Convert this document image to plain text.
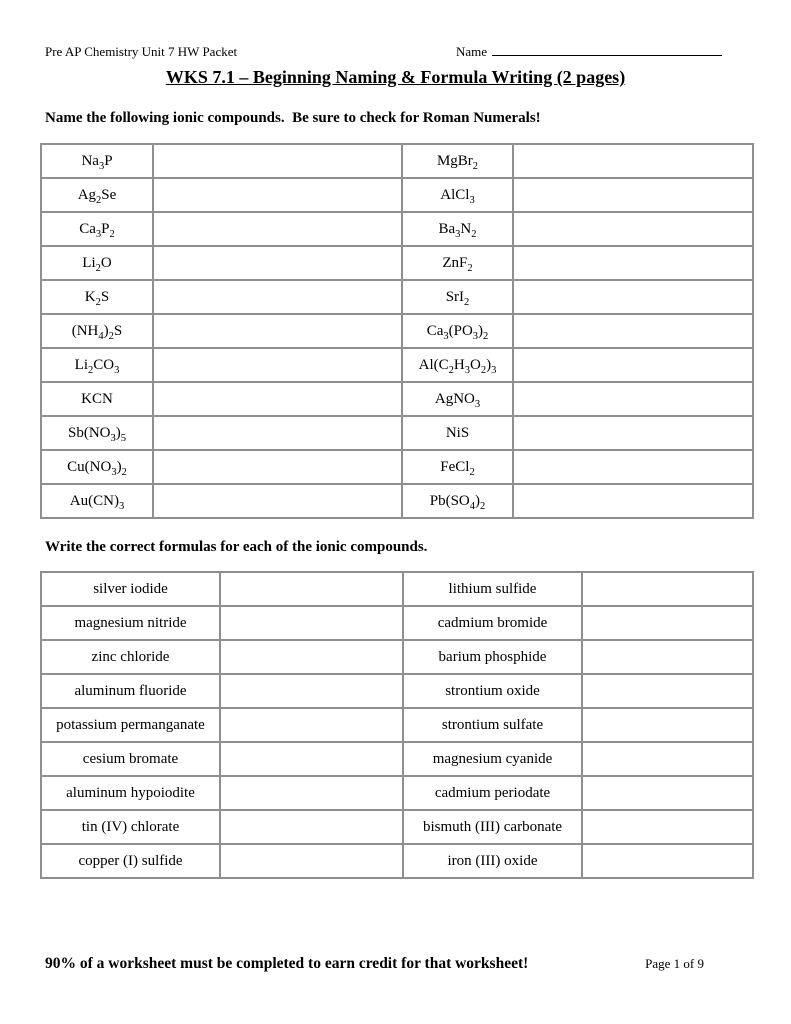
Pre AP Chemistry Unit 7 HW Packet	Name
WKS 7.1 – Beginning Naming & Formula Writing (2 pages)
Name the following ionic compounds.  Be sure to check for Roman Numerals!
$Na_3P$		MgBr$_2$	
$Ag_2Se$		AlCl$_3$	
$Ca_3P_2$		$Ba_3N_2$	
$Li_2O$		ZnF$_2$	
$K_2S$		SrI$_2$	
$(NH_4)_2S$		$Ca_3(PO_3)_2$	
$Li_2CO_3$		$Al(C_2H_3O_2)_3$	
KCN		AgNO$_3$	
$Sb(NO_3)_5$		NiS	
$Cu(NO_3)_2$		FeCl$_2$	
$Au(CN)_3$		$Pb(SO_4)_2$	
Write the correct formulas for each of the ionic compounds.
silver iodide		lithium sulfide	
magnesium nitride		cadmium bromide	
zinc chloride		barium phosphide	
aluminum fluoride		strontium oxide	
potassium permanganate		strontium sulfate	
cesium bromate		magnesium cyanide	
aluminum hypoiodite		cadmium periodate	
tin (IV) chlorate		bismuth (III) carbonate	
copper (I) sulfide		iron (III) oxide	
90% of a worksheet must be completed to earn credit for that worksheet!	Page 1 of 9
